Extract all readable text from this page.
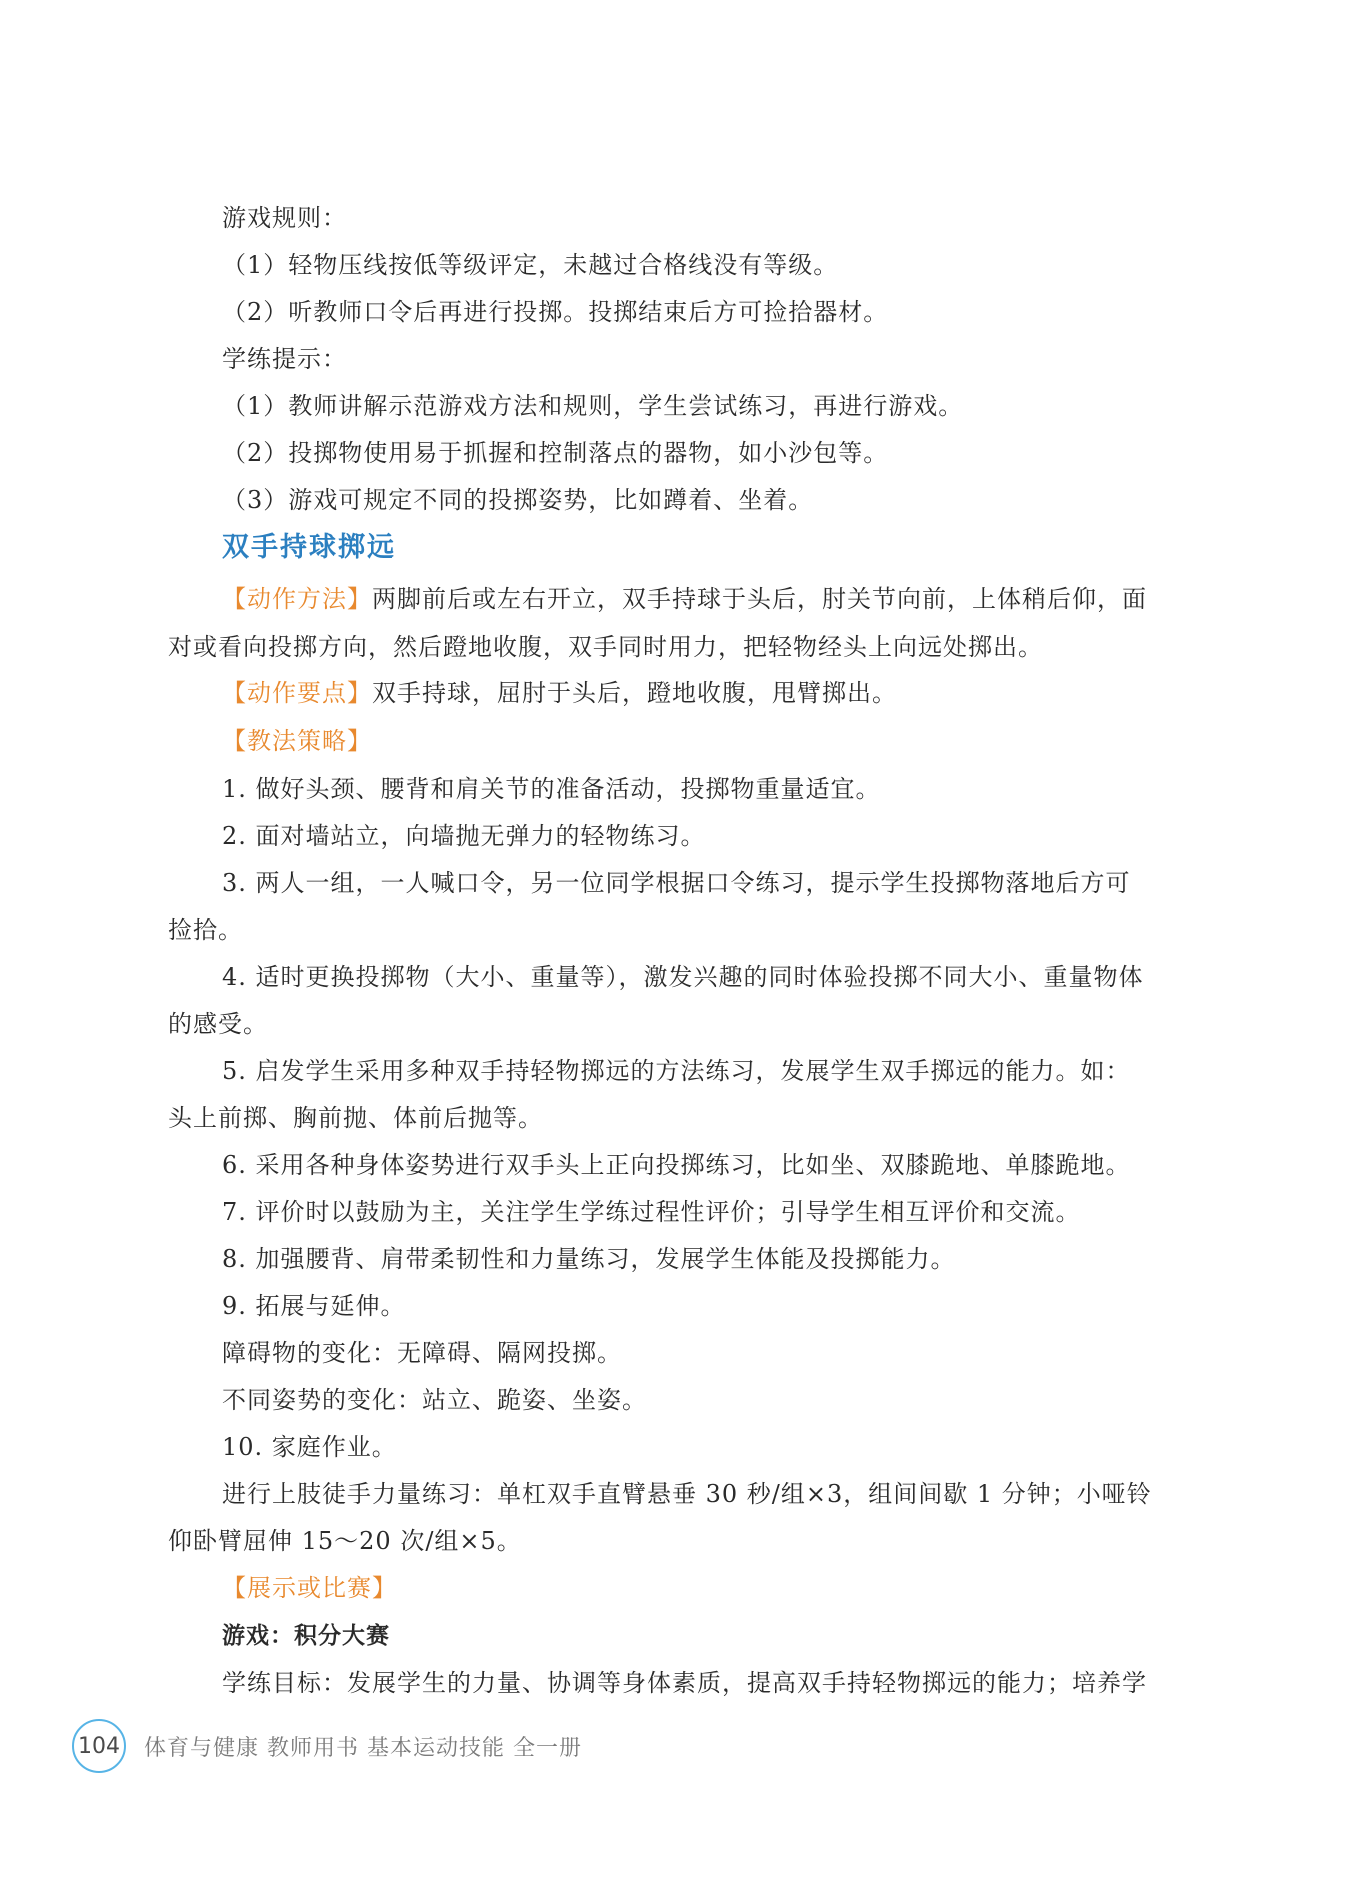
游戏规则：
（1）轻物压线按低等级评定，未越过合格线没有等级。
（2）听教师口令后再进行投掷。投掷结束后方可捡拾器材。
学练提示：
（1）教师讲解示范游戏方法和规则，学生尝试练习，再进行游戏。
（2）投掷物使用易于抓握和控制落点的器物，如小沙包等。
（3）游戏可规定不同的投掷姿势，比如蹲着、坐着。
双手持球掷远
【动作方法】两脚前后或左右开立，双手持球于头后，肘关节向前，上体稍后仰，面
对或看向投掷方向，然后蹬地收腹，双手同时用力，把轻物经头上向远处掷出。
【动作要点】双手持球，屈肘于头后，蹬地收腹，甩臂掷出。
【教法策略】
1. 做好头颈、腰背和肩关节的准备活动，投掷物重量适宜。
2. 面对墙站立，向墙抛无弹力的轻物练习。
3. 两人一组，一人喊口令，另一位同学根据口令练习，提示学生投掷物落地后方可
捡拾。
4. 适时更换投掷物（大小、重量等），激发兴趣的同时体验投掷不同大小、重量物体
的感受。
5. 启发学生采用多种双手持轻物掷远的方法练习，发展学生双手掷远的能力。如：
头上前掷、胸前抛、体前后抛等。
6. 采用各种身体姿势进行双手头上正向投掷练习，比如坐、双膝跪地、单膝跪地。
7. 评价时以鼓励为主，关注学生学练过程性评价；引导学生相互评价和交流。
8. 加强腰背、肩带柔韧性和力量练习，发展学生体能及投掷能力。
9. 拓展与延伸。
障碍物的变化：无障碍、隔网投掷。
不同姿势的变化：站立、跪姿、坐姿。
10. 家庭作业。
进行上肢徒手力量练习：单杠双手直臂悬垂 30 秒/组×3，组间间歇 1 分钟；小哑铃
仰卧臂屈伸 15～20 次/组×5。
【展示或比赛】
游戏：积分大赛
学练目标：发展学生的力量、协调等身体素质，提高双手持轻物掷远的能力；培养学
104 体育与健康 教师用书 基本运动技能 全一册
